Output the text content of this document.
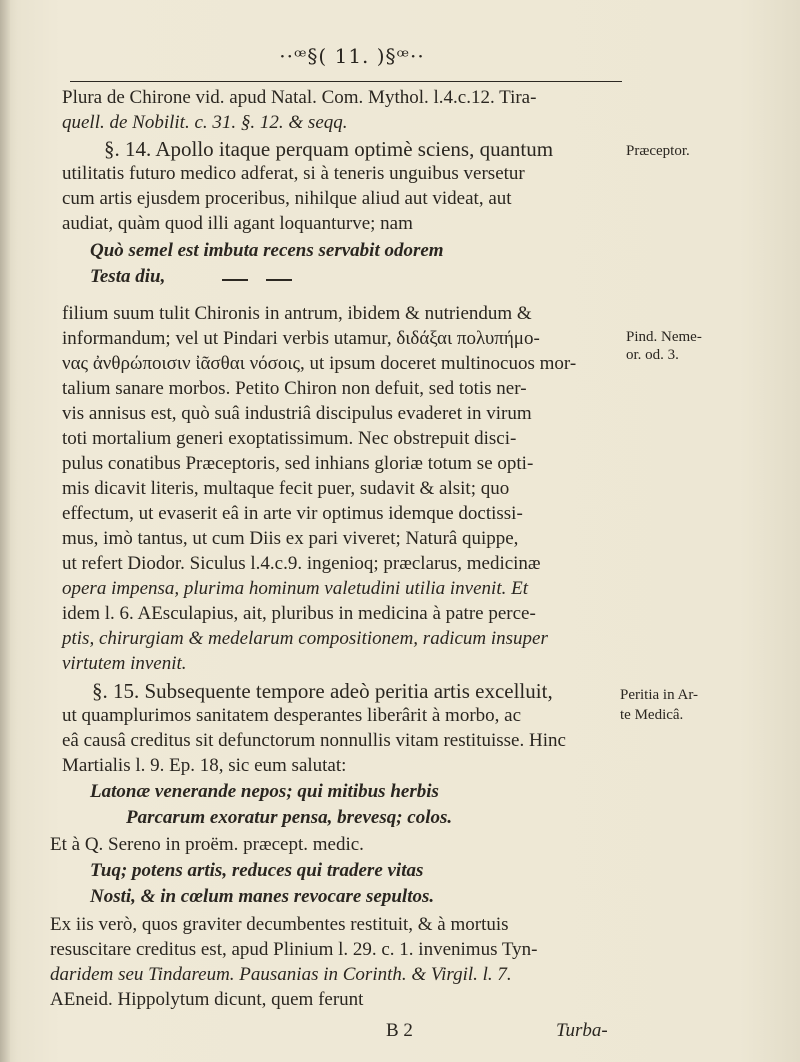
··ꟹ§( 11. )§ꟹ··
Plura de Chirone vid. apud Natal. Com. Mythol. l.4.c.12. Tira-
quell. de Nobilit. c. 31. §. 12. & seqq.
§. 14. Apollo itaque perquam optimè sciens, quantum
utilitatis futuro medico adferat, si à teneris unguibus versetur
cum artis ejusdem proceribus, nihilque aliud aut videat, aut
audiat, quàm quod illi agant loquanturve; nam
Quò semel est imbuta recens servabit odorem
Testa diu,
filium suum tulit Chironis in antrum, ibidem & nutriendum &
informandum; vel ut Pindari verbis utamur, διδάξαι πολυπήμο-
νας ἀνθρώποισιν ἰᾶσθαι νόσοις, ut ipsum doceret multinocuos mor-
talium sanare morbos. Petito Chiron non defuit, sed totis ner-
vis annisus est, quò suâ industriâ discipulus evaderet in virum
toti mortalium generi exoptatissimum. Nec obstrepuit disci-
pulus conatibus Præceptoris, sed inhians gloriæ totum se opti-
mis dicavit literis, multaque fecit puer, sudavit & alsit; quo
effectum, ut evaserit eâ in arte vir optimus idemque doctissi-
mus, imò tantus, ut cum Diis ex pari viveret; Naturâ quippe,
ut refert Diodor. Siculus l.4.c.9. ingenioq; præclarus, medicinæ
opera impensa, plurima hominum valetudini utilia invenit. Et
idem l. 6. AEsculapius, ait, pluribus in medicina à patre perce-
ptis, chirurgiam & medelarum compositionem, radicum insuper
virtutem invenit.
§. 15. Subsequente tempore adeò peritia artis excelluit,
ut quamplurimos sanitatem desperantes liberârit à morbo, ac
eâ causâ creditus sit defunctorum nonnullis vitam restituisse. Hinc
Martialis l. 9. Ep. 18, sic eum salutat:
Latonæ venerande nepos; qui mitibus herbis
Parcarum exoratur pensa, brevesq; colos.
Et à Q. Sereno in proëm. præcept. medic.
Tuq; potens artis, reduces qui tradere vitas
Nosti, & in cœlum manes revocare sepultos.
Ex iis verò, quos graviter decumbentes restituit, & à mortuis
resuscitare creditus est, apud Plinium l. 29. c. 1. invenimus Tyn-
daridem seu Tindareum. Pausanias in Corinth. & Virgil. l. 7.
AEneid. Hippolytum dicunt, quem ferunt
Præceptor.
Pind. Neme-
or. od. 3.
Peritia in Ar-
te Medicâ.
B 2	Turba-
